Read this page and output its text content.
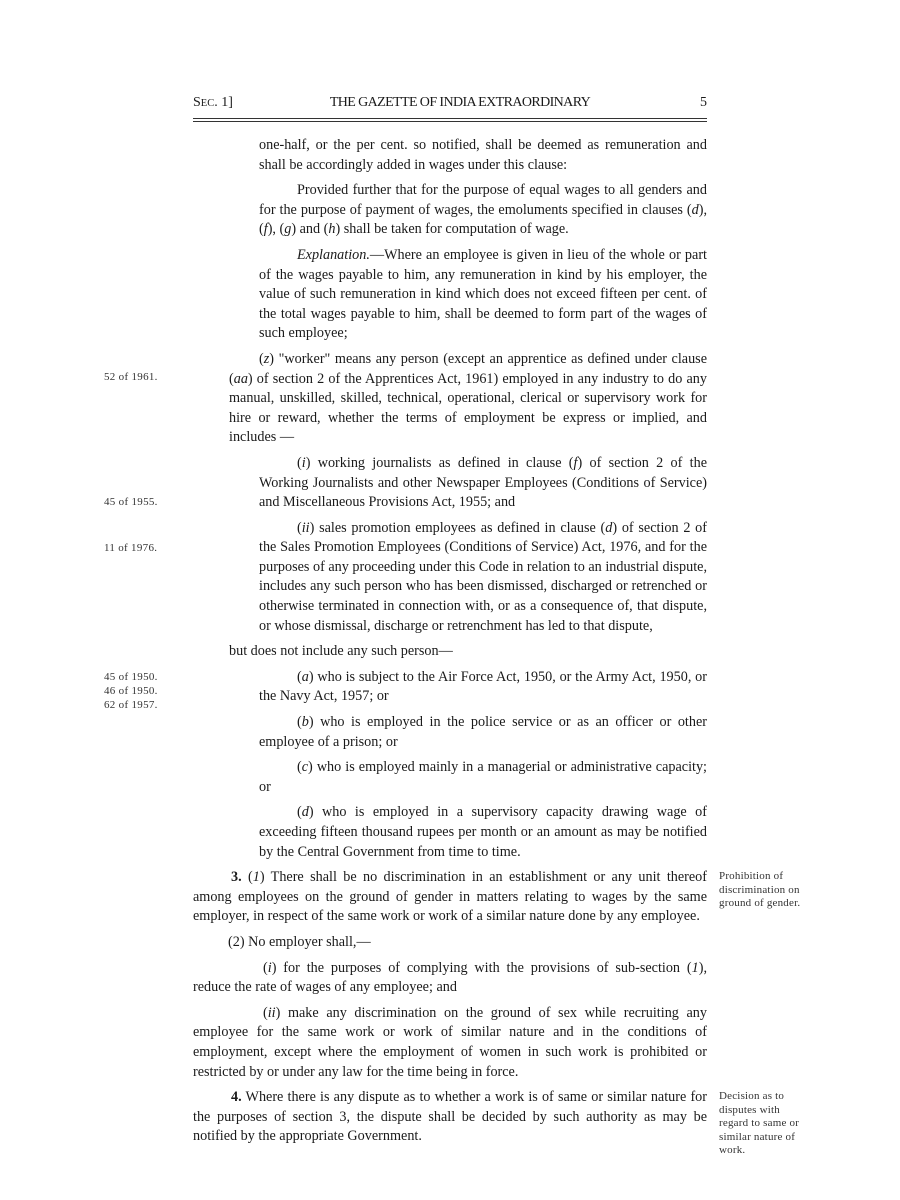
SEC. 1]	THE GAZETTE OF INDIA EXTRAORDINARY	5

one-half, or the per cent. so notified, shall be deemed as remuneration and shall be accordingly added in wages under this clause:

Provided further that for the purpose of equal wages to all genders and for the purpose of payment of wages, the emoluments specified in clauses (d), (f), (g) and (h) shall be taken for computation of wage.

Explanation.—Where an employee is given in lieu of the whole or part of the wages payable to him, any remuneration in kind by his employer, the value of such remuneration in kind which does not exceed fifteen per cent. of the total wages payable to him, shall be deemed to form part of the wages of such employee;

52 of 1961.
(z) "worker" means any person (except an apprentice as defined under clause (aa) of section 2 of the Apprentices Act, 1961) employed in any industry to do any manual, unskilled, skilled, technical, operational, clerical or supervisory work for hire or reward, whether the terms of employment be express or implied, and includes —

45 of 1955.
(i) working journalists as defined in clause (f) of section 2 of the Working Journalists and other Newspaper Employees (Conditions of Service) and Miscellaneous Provisions Act, 1955; and

11 of 1976.
(ii) sales promotion employees as defined in clause (d) of section 2 of the Sales Promotion Employees (Conditions of Service) Act, 1976, and for the purposes of any proceeding under this Code in relation to an industrial dispute, includes any such person who has been dismissed, discharged or retrenched or otherwise terminated in connection with, or as a consequence of, that dispute, or whose dismissal, discharge or retrenchment has led to that dispute,

but does not include any such person—

45 of 1950.
46 of 1950.
62 of 1957.
(a) who is subject to the Air Force Act, 1950, or the Army Act, 1950, or the Navy Act, 1957; or

(b) who is employed in the police service or as an officer or other employee of a prison; or

(c) who is employed mainly in a managerial or administrative capacity; or

(d) who is employed in a supervisory capacity drawing wage of exceeding fifteen thousand rupees per month or an amount as may be notified by the Central Government from time to time.

Prohibition of discrimination on ground of gender.
3. (1) There shall be no discrimination in an establishment or any unit thereof among employees on the ground of gender in matters relating to wages by the same employer, in respect of the same work or work of a similar nature done by any employee.

(2) No employer shall,—

(i) for the purposes of complying with the provisions of sub-section (1), reduce the rate of wages of any employee; and

(ii) make any discrimination on the ground of sex while recruiting any employee for the same work or work of similar nature and in the conditions of employment, except where the employment of women in such work is prohibited or restricted by or under any law for the time being in force.

Decision as to disputes with regard to same or similar nature of work.
4. Where there is any dispute as to whether a work is of same or similar nature for the purposes of section 3, the dispute shall be decided by such authority as may be notified by the appropriate Government.
